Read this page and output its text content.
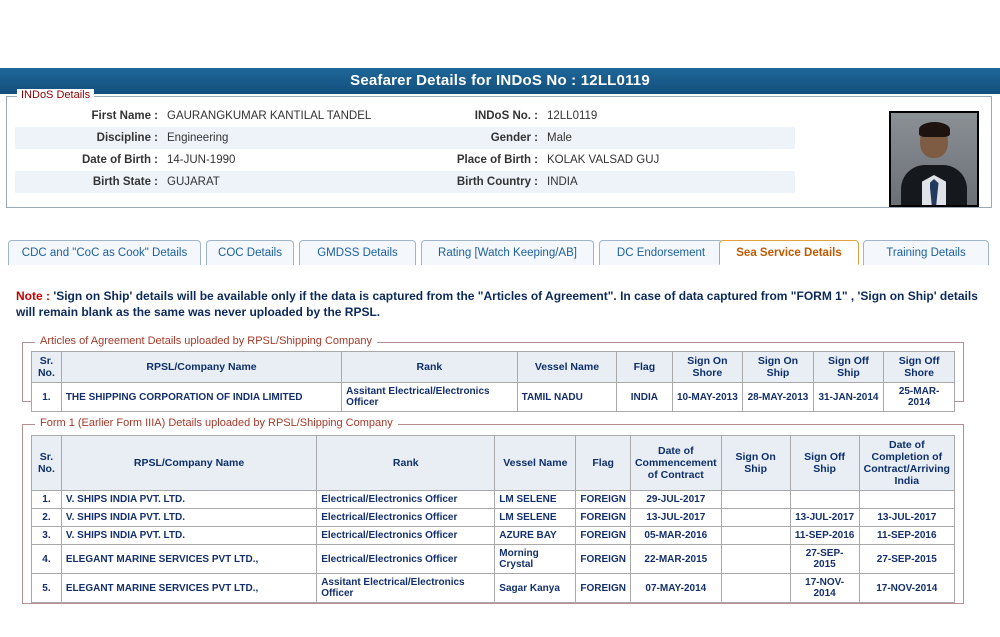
Seafarer Details for INDoS No : 12LL0119
INDoS Details
First Name : GAURANGKUMAR KANTILAL TANDEL	INDoS No. : 12LL0119
Discipline : Engineering	Gender : Male
Date of Birth : 14-JUN-1990	Place of Birth : KOLAK VALSAD GUJ
Birth State : GUJARAT	Birth Country : INDIA
CDC and "CoC as Cook" Details	COC Details	GMDSS Details	Rating [Watch Keeping/AB]	DC Endorsement	Sea Service Details	Training Details
Note : 'Sign on Ship' details will be available only if the data is captured from the "Articles of Agreement". In case of data captured from "FORM 1" , 'Sign on Ship' details will remain blank as the same was never uploaded by the RPSL.
Articles of Agreement Details uploaded by RPSL/Shipping Company
Sr. No.	RPSL/Company Name	Rank	Vessel Name	Flag	Sign On Shore	Sign On Ship	Sign Off Ship	Sign Off Shore
1.	THE SHIPPING CORPORATION OF INDIA LIMITED	Assitant Electrical/Electronics Officer	TAMIL NADU	INDIA	10-MAY-2013	28-MAY-2013	31-JAN-2014	25-MAR-2014
Form 1 (Earlier Form IIIA) Details uploaded by RPSL/Shipping Company
Sr. No.	RPSL/Company Name	Rank	Vessel Name	Flag	Date of Commencement of Contract	Sign On Ship	Sign Off Ship	Date of Completion of Contract/Arriving India
1.	V. SHIPS INDIA PVT. LTD.	Electrical/Electronics Officer	LM SELENE	FOREIGN	29-JUL-2017			
2.	V. SHIPS INDIA PVT. LTD.	Electrical/Electronics Officer	LM SELENE	FOREIGN	13-JUL-2017		13-JUL-2017	13-JUL-2017
3.	V. SHIPS INDIA PVT. LTD.	Electrical/Electronics Officer	AZURE BAY	FOREIGN	05-MAR-2016		11-SEP-2016	11-SEP-2016
4.	ELEGANT MARINE SERVICES PVT LTD.,	Electrical/Electronics Officer	Morning Crystal	FOREIGN	22-MAR-2015		27-SEP-2015	27-SEP-2015
5.	ELEGANT MARINE SERVICES PVT LTD.,	Assitant Electrical/Electronics Officer	Sagar Kanya	FOREIGN	07-MAY-2014		17-NOV-2014	17-NOV-2014
